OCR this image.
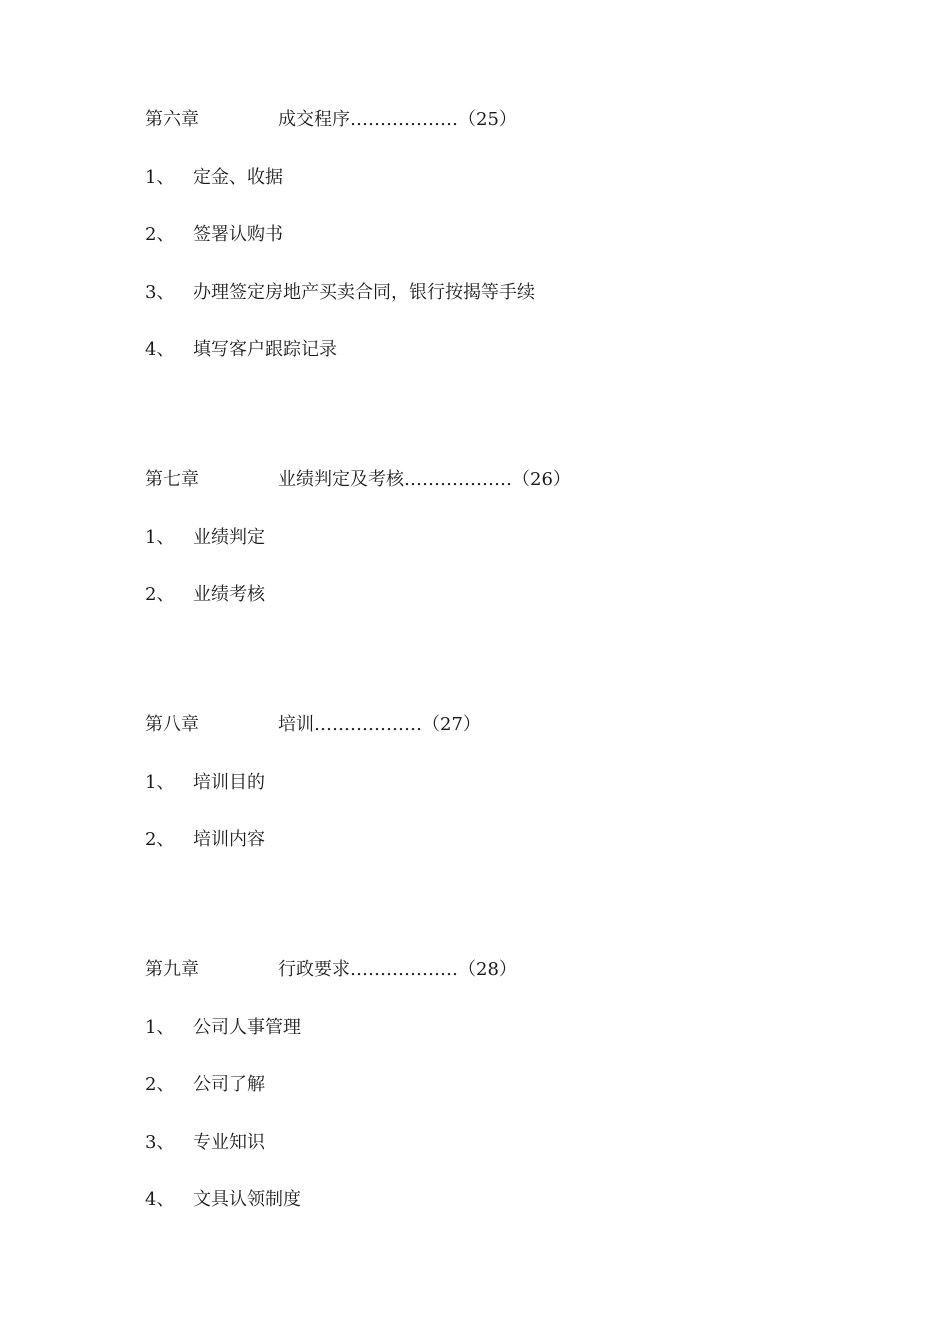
第六章	成交程序………………（25）
1、 定金、收据
2、 签署认购书
3、 办理签定房地产买卖合同，银行按揭等手续
4、 填写客户跟踪记录
第七章	业绩判定及考核………………（26）
1、 业绩判定
2、 业绩考核
第八章	培训………………（27）
1、 培训目的
2、 培训内容
第九章	行政要求………………（28）
1、 公司人事管理
2、 公司了解
3、 专业知识
4、 文具认领制度
